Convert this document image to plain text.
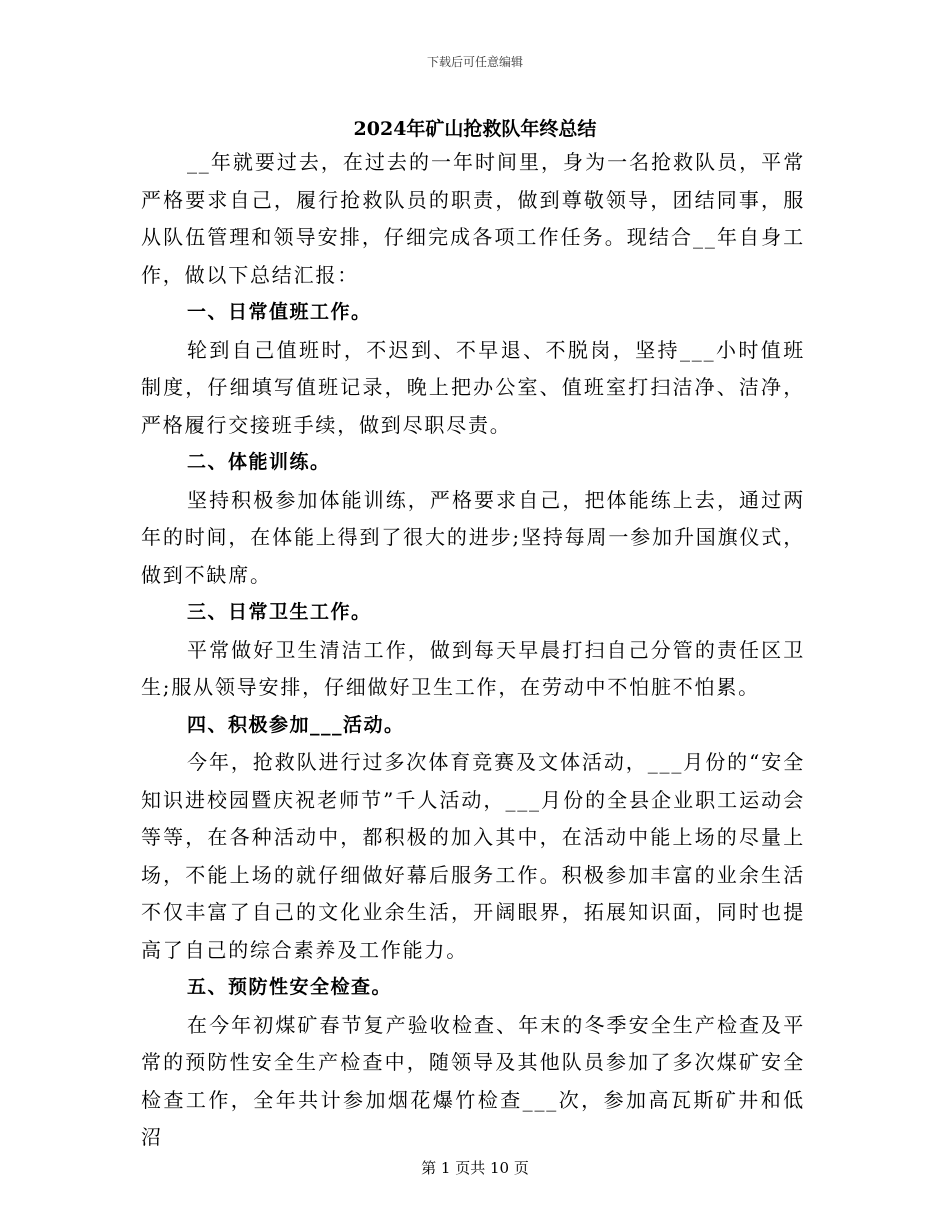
下载后可任意编辑
2024年矿山抢救队年终总结

__年就要过去，在过去的一年时间里，身为一名抢救队员，平常严格要求自己，履行抢救队员的职责，做到尊敬领导，团结同事，服从队伍管理和领导安排，仔细完成各项工作任务。现结合__年自身工作，做以下总结汇报：

一、日常值班工作。

轮到自己值班时，不迟到、不早退、不脱岗，坚持___小时值班制度，仔细填写值班记录，晚上把办公室、值班室打扫洁净、洁净，严格履行交接班手续，做到尽职尽责。

二、体能训练。

坚持积极参加体能训练，严格要求自己，把体能练上去，通过两年的时间，在体能上得到了很大的进步;坚持每周一参加升国旗仪式，做到不缺席。

三、日常卫生工作。

平常做好卫生清洁工作，做到每天早晨打扫自己分管的责任区卫生;服从领导安排，仔细做好卫生工作，在劳动中不怕脏不怕累。

四、积极参加___活动。

今年，抢救队进行过多次体育竞赛及文体活动，___月份的“安全知识进校园暨庆祝老师节”千人活动，___月份的全县企业职工运动会等等，在各种活动中，都积极的加入其中，在活动中能上场的尽量上场，不能上场的就仔细做好幕后服务工作。积极参加丰富的业余生活不仅丰富了自己的文化业余生活，开阔眼界，拓展知识面，同时也提高了自己的综合素养及工作能力。

五、预防性安全检查。

在今年初煤矿春节复产验收检查、年末的冬季安全生产检查及平常的预防性安全生产检查中，随领导及其他队员参加了多次煤矿安全检查工作，全年共计参加烟花爆竹检查___次，参加高瓦斯矿井和低沼

第 1 页共 10 页
